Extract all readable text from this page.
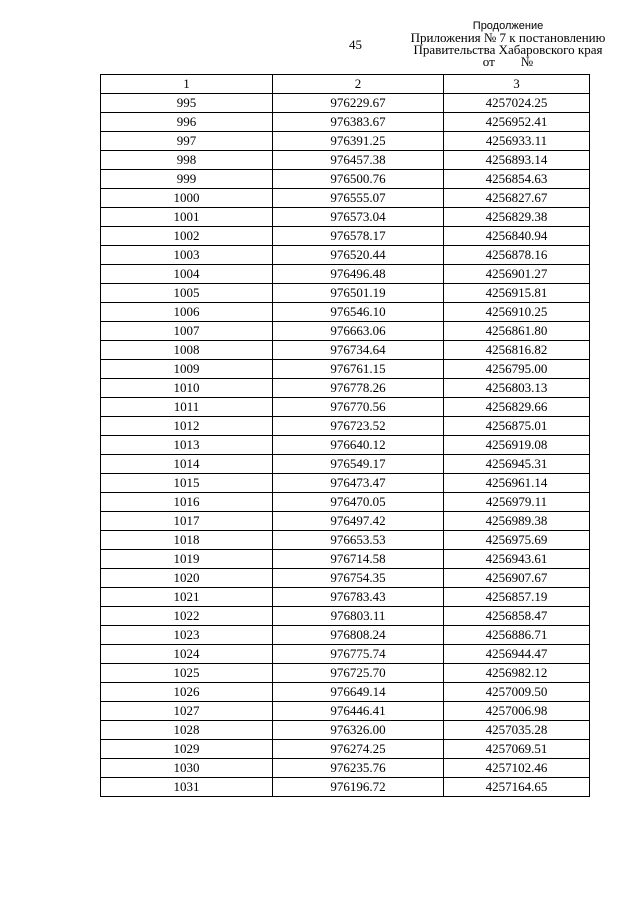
45
Продолжение
Приложения № 7 к постановлению
Правительства Хабаровского края
от        №
1	2	3
995	976229.67	4257024.25
996	976383.67	4256952.41
997	976391.25	4256933.11
998	976457.38	4256893.14
999	976500.76	4256854.63
1000	976555.07	4256827.67
1001	976573.04	4256829.38
1002	976578.17	4256840.94
1003	976520.44	4256878.16
1004	976496.48	4256901.27
1005	976501.19	4256915.81
1006	976546.10	4256910.25
1007	976663.06	4256861.80
1008	976734.64	4256816.82
1009	976761.15	4256795.00
1010	976778.26	4256803.13
1011	976770.56	4256829.66
1012	976723.52	4256875.01
1013	976640.12	4256919.08
1014	976549.17	4256945.31
1015	976473.47	4256961.14
1016	976470.05	4256979.11
1017	976497.42	4256989.38
1018	976653.53	4256975.69
1019	976714.58	4256943.61
1020	976754.35	4256907.67
1021	976783.43	4256857.19
1022	976803.11	4256858.47
1023	976808.24	4256886.71
1024	976775.74	4256944.47
1025	976725.70	4256982.12
1026	976649.14	4257009.50
1027	976446.41	4257006.98
1028	976326.00	4257035.28
1029	976274.25	4257069.51
1030	976235.76	4257102.46
1031	976196.72	4257164.65
